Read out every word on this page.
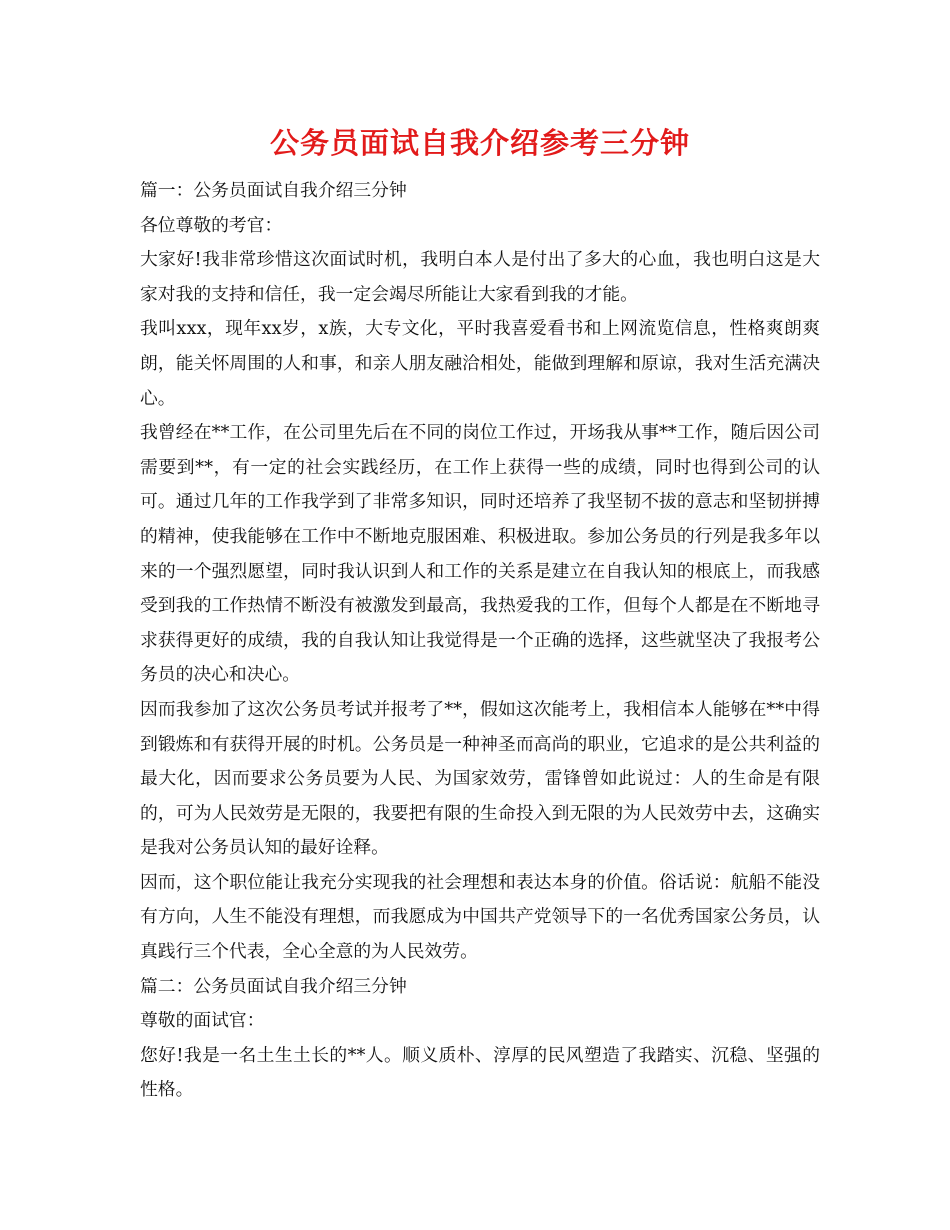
公务员面试自我介绍参考三分钟

篇一：公务员面试自我介绍三分钟

各位尊敬的考官：

大家好!我非常珍惜这次面试时机，我明白本人是付出了多大的心血，我也明白这是大家对我的支持和信任，我一定会竭尽所能让大家看到我的才能。

我叫xxx，现年xx岁，x族，大专文化，平时我喜爱看书和上网流览信息，性格爽朗爽朗，能关怀周围的人和事，和亲人朋友融洽相处，能做到理解和原谅，我对生活充满决心。

我曾经在**工作，在公司里先后在不同的岗位工作过，开场我从事**工作，随后因公司需要到**，有一定的社会实践经历，在工作上获得一些的成绩，同时也得到公司的认可。通过几年的工作我学到了非常多知识，同时还培养了我坚韧不拔的意志和坚韧拼搏的精神，使我能够在工作中不断地克服困难、积极进取。参加公务员的行列是我多年以来的一个强烈愿望，同时我认识到人和工作的关系是建立在自我认知的根底上，而我感受到我的工作热情不断没有被激发到最高，我热爱我的工作，但每个人都是在不断地寻求获得更好的成绩，我的自我认知让我觉得是一个正确的选择，这些就坚决了我报考公务员的决心和决心。

因而我参加了这次公务员考试并报考了**，假如这次能考上，我相信本人能够在**中得到锻炼和有获得开展的时机。公务员是一种神圣而高尚的职业，它追求的是公共利益的最大化，因而要求公务员要为人民、为国家效劳，雷锋曾如此说过：人的生命是有限的，可为人民效劳是无限的，我要把有限的生命投入到无限的为人民效劳中去，这确实是我对公务员认知的最好诠释。

因而，这个职位能让我充分实现我的社会理想和表达本身的价值。俗话说：航船不能没有方向，人生不能没有理想，而我愿成为中国共产党领导下的一名优秀国家公务员，认真践行三个代表，全心全意的为人民效劳。

篇二：公务员面试自我介绍三分钟

尊敬的面试官：

您好!我是一名土生土长的**人。顺义质朴、淳厚的民风塑造了我踏实、沉稳、坚强的性格。
